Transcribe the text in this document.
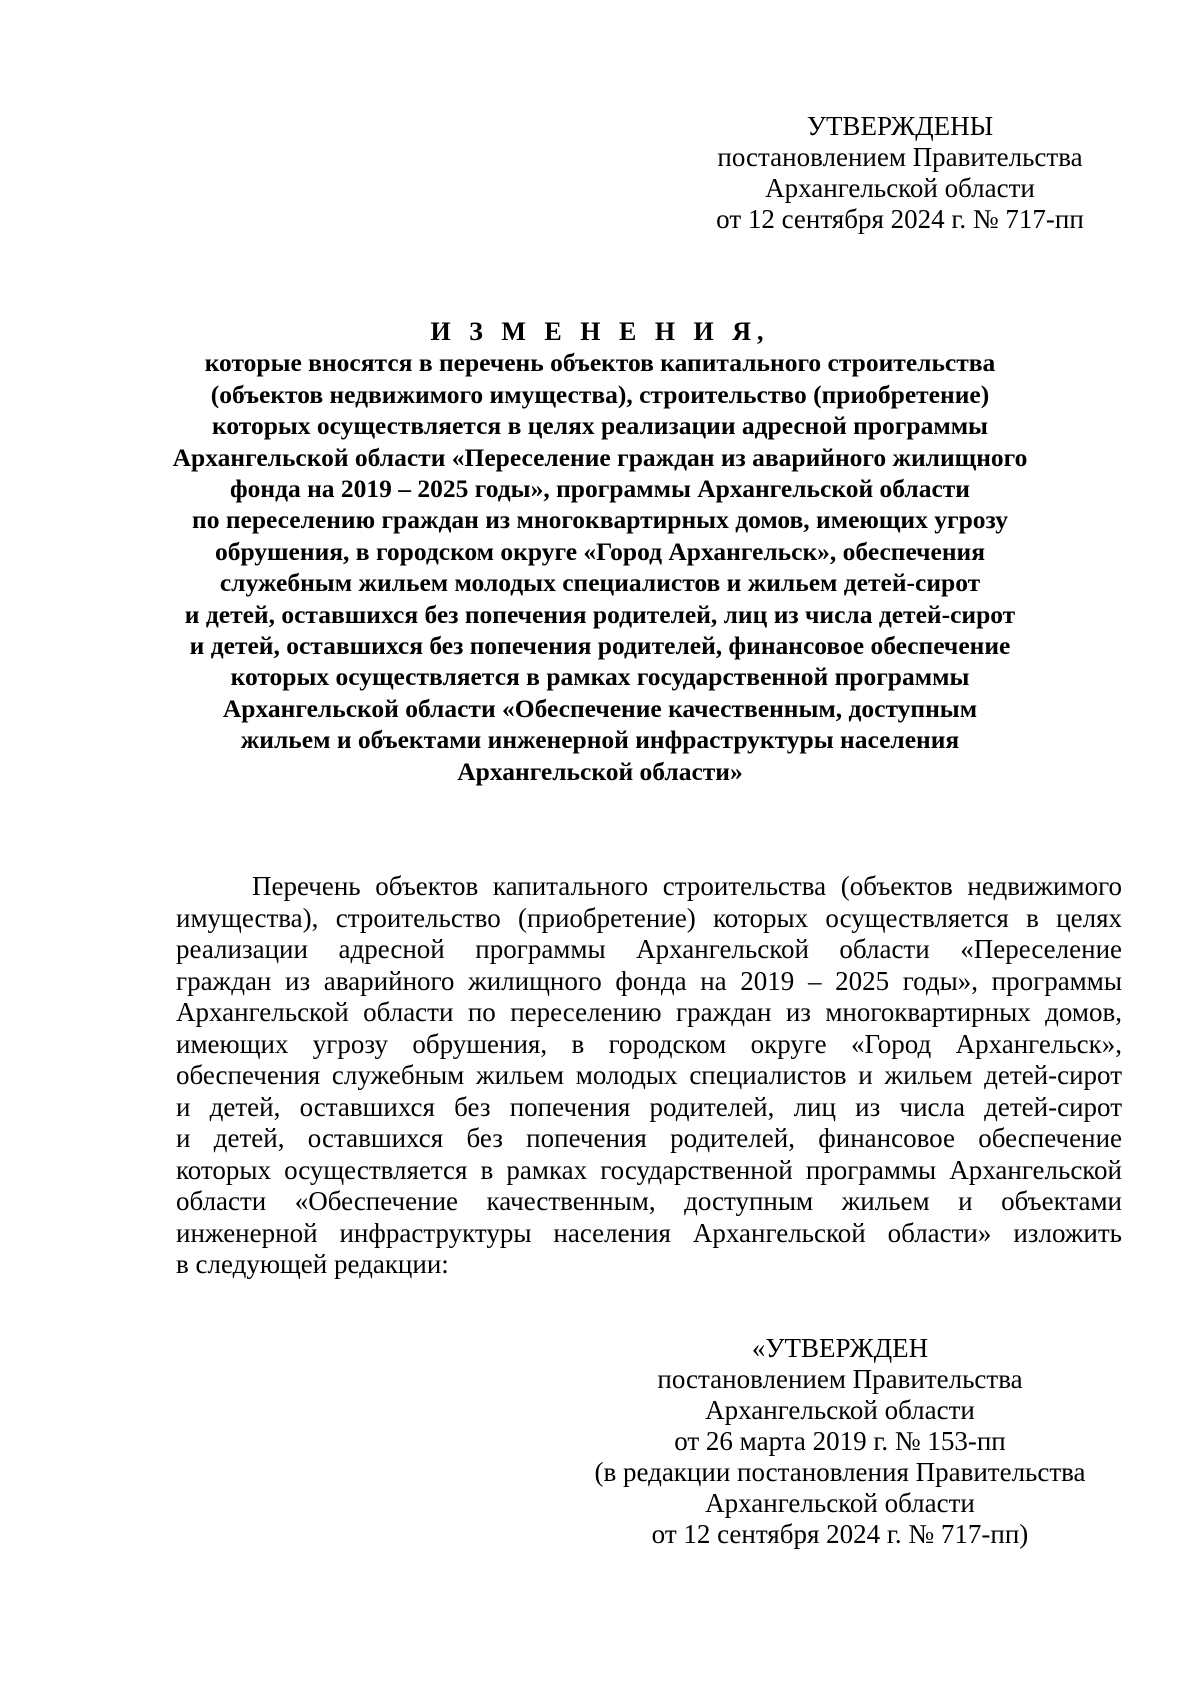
УТВЕРЖДЕНЫ
постановлением Правительства
Архангельской области
от 12 сентября 2024 г. № 717-пп
И З М Е Н Е Н И Я,
которые вносятся в перечень объектов капитального строительства
(объектов недвижимого имущества), строительство (приобретение)
которых осуществляется в целях реализации адресной программы
Архангельской области «Переселение граждан из аварийного жилищного
фонда на 2019 – 2025 годы», программы Архангельской области
по переселению граждан из многоквартирных домов, имеющих угрозу
обрушения, в городском округе «Город Архангельск», обеспечения
служебным жильем молодых специалистов и жильем детей-сирот
и детей, оставшихся без попечения родителей, лиц из числа детей-сирот
и детей, оставшихся без попечения родителей, финансовое обеспечение
которых осуществляется в рамках государственной программы
Архангельской области «Обеспечение качественным, доступным
жильем и объектами инженерной инфраструктуры населения
Архангельской области»
Перечень объектов капитального строительства (объектов недвижимого
имущества), строительство (приобретение) которых осуществляется в целях
реализации адресной программы Архангельской области «Переселение
граждан из аварийного жилищного фонда на 2019 – 2025 годы», программы
Архангельской области по переселению граждан из многоквартирных домов,
имеющих угрозу обрушения, в городском округе «Город Архангельск»,
обеспечения служебным жильем молодых специалистов и жильем детей-сирот
и детей, оставшихся без попечения родителей, лиц из числа детей-сирот
и детей, оставшихся без попечения родителей, финансовое обеспечение
которых осуществляется в рамках государственной программы Архангельской
области «Обеспечение качественным, доступным жильем и объектами
инженерной инфраструктуры населения Архангельской области» изложить
в следующей редакции:
«УТВЕРЖДЕН
постановлением Правительства
Архангельской области
от 26 марта 2019 г. № 153-пп
(в редакции постановления Правительства
Архангельской области
от 12 сентября 2024 г. № 717-пп)
